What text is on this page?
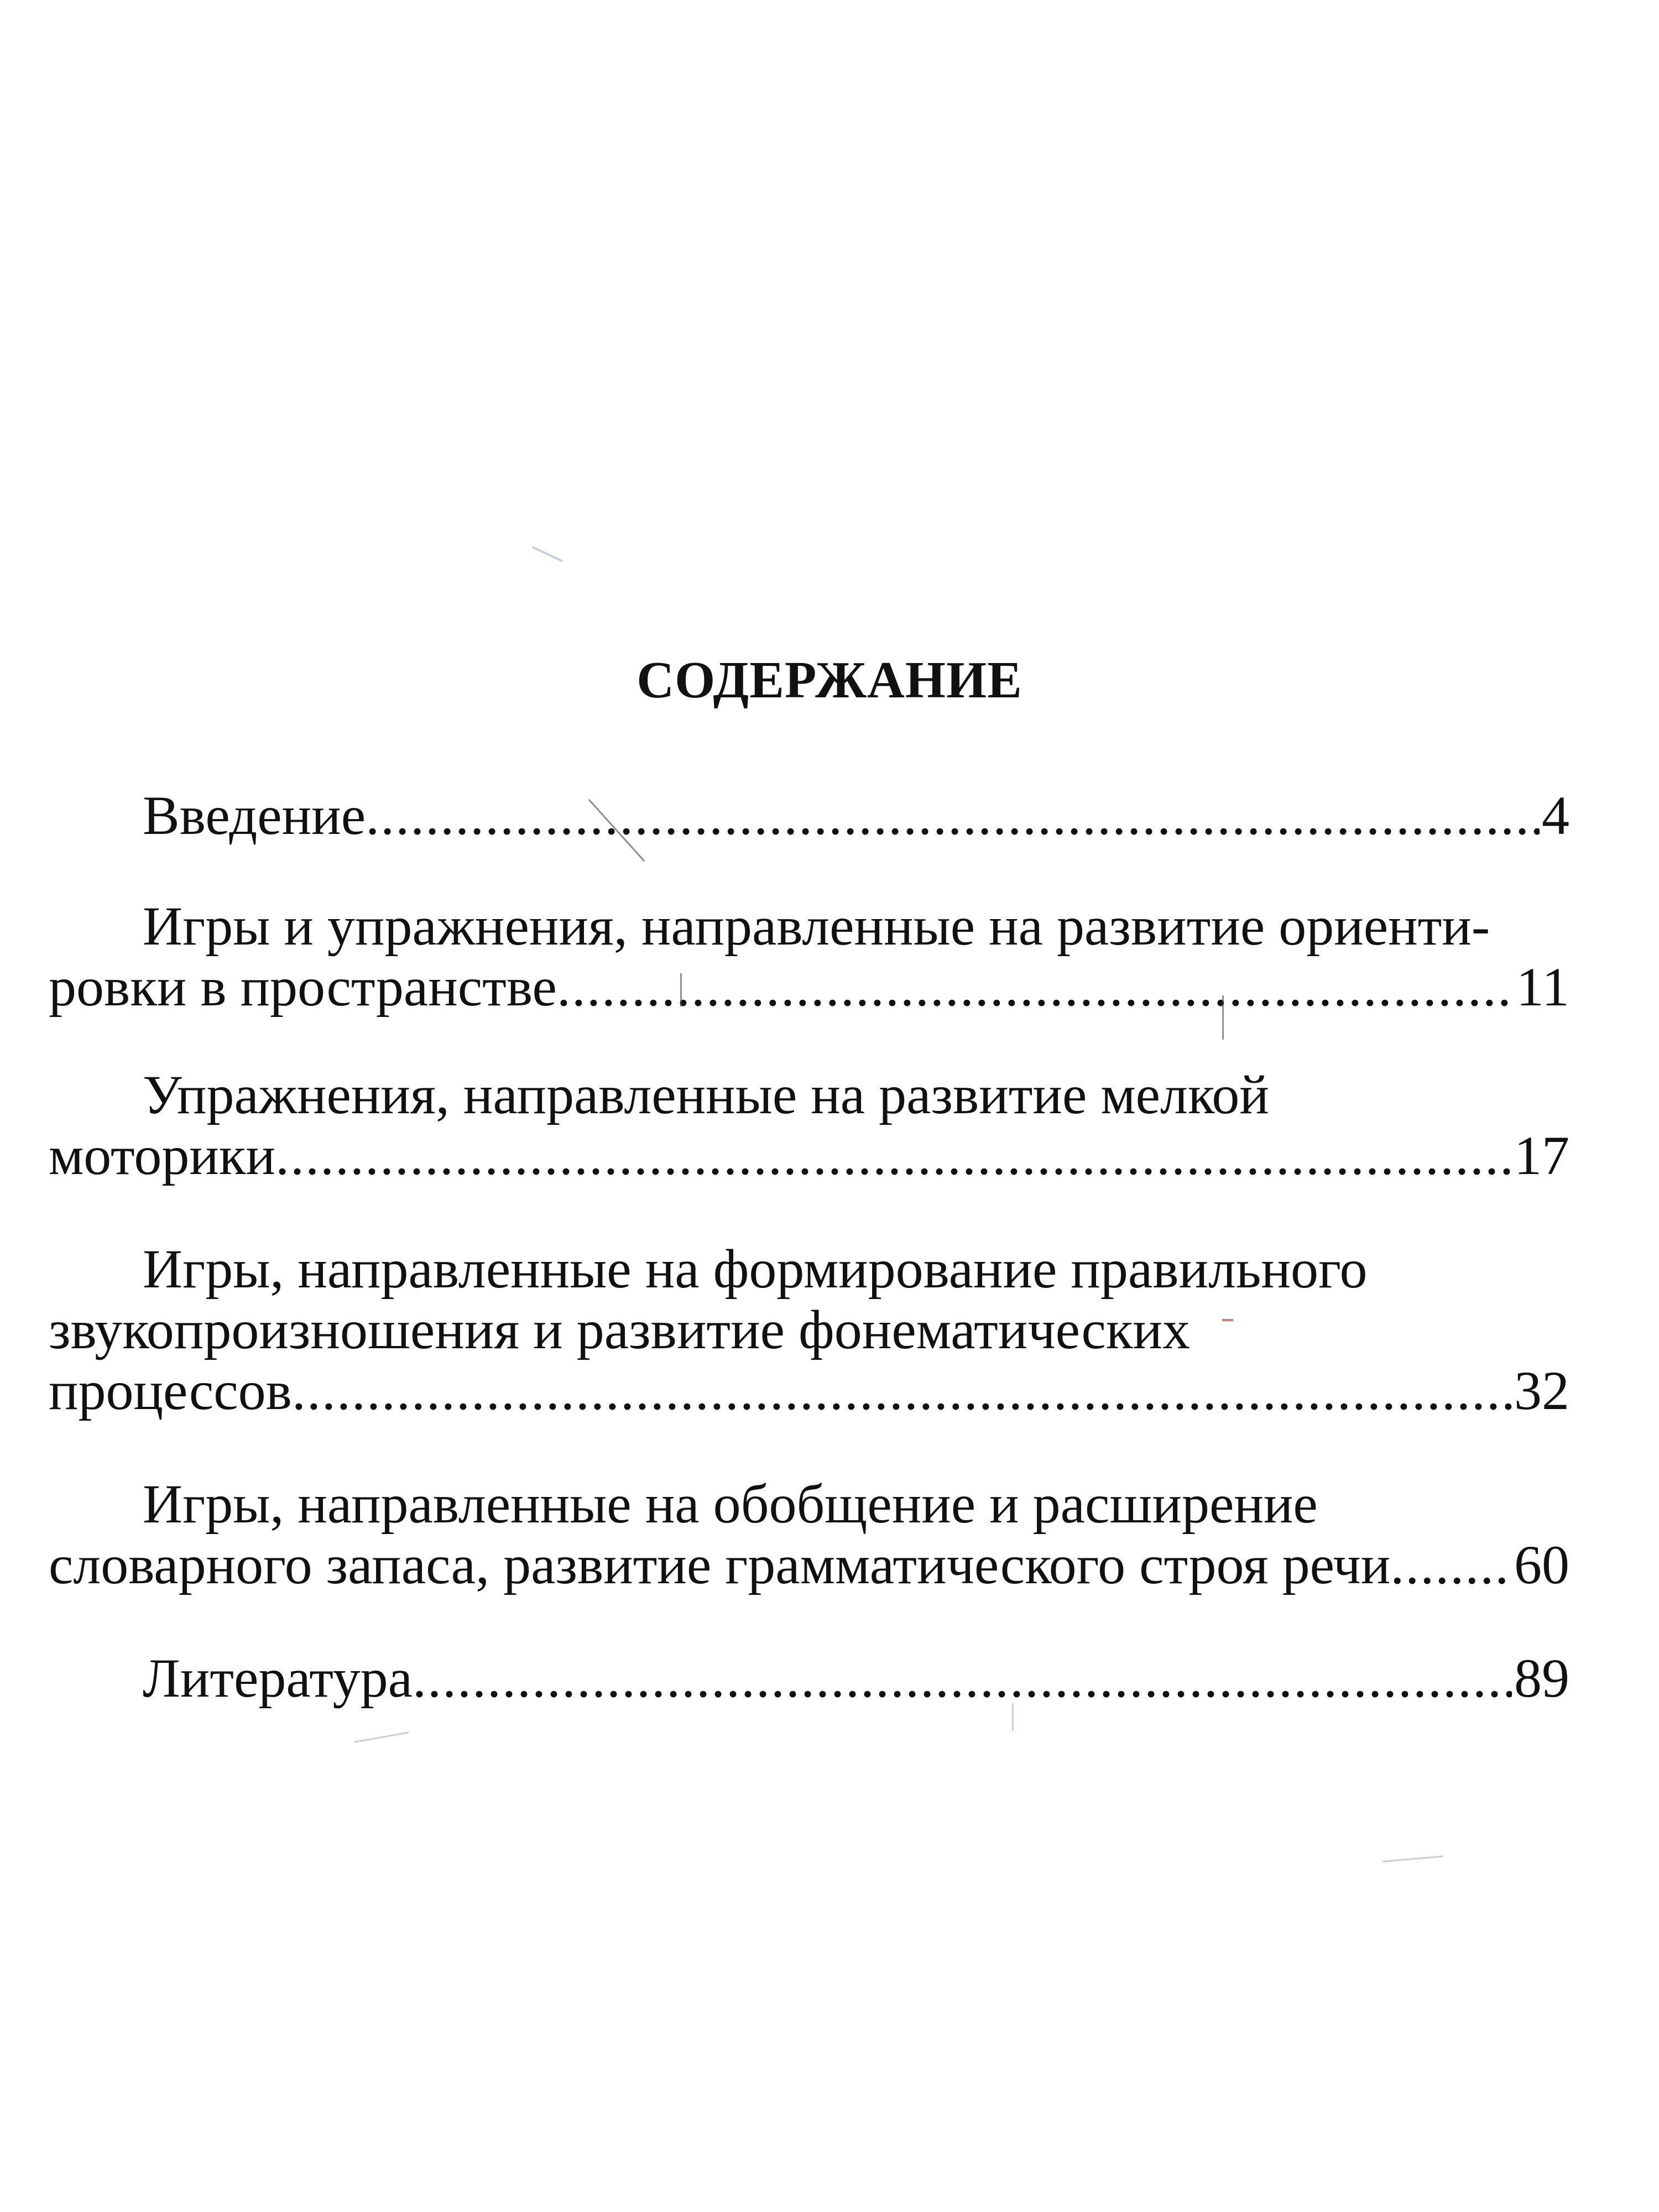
СОДЕРЖАНИЕ
Введение .....	4
Игры и упражнения, направленные на развитие ориенти-
ровки в пространстве .....	11
Упражнения, направленные на развитие мелкой
моторики .....	17
Игры, направленные на формирование правильного
звукопроизношения и развитие фонематических
процессов .....	32
Игры, направленные на обобщение и расширение
словарного запаса, развитие грамматического строя речи ..... 60
Литература .....	89
